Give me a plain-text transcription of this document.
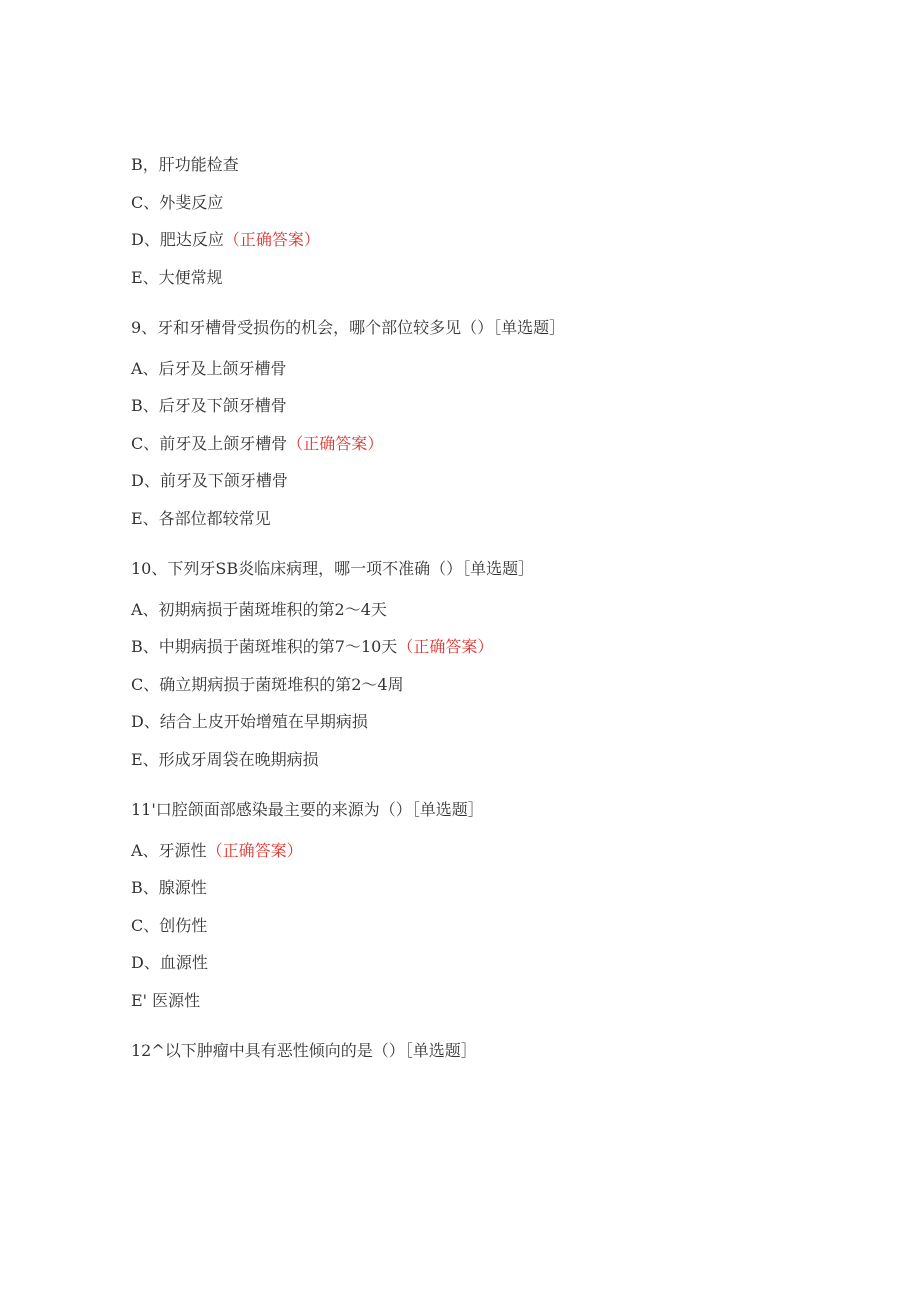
B，肝功能检查
C、外斐反应
D、肥达反应（正确答案）
E、大便常规
9、牙和牙槽骨受损伤的机会，哪个部位较多见（）［单选题］
A、后牙及上颌牙槽骨
B、后牙及下颌牙槽骨
C、前牙及上颌牙槽骨（正确答案）
D、前牙及下颌牙槽骨
E、各部位都较常见
10、下列牙SB炎临床病理，哪一项不准确（）［单选题］
A、初期病损于菌斑堆积的第2～4天
B、中期病损于菌斑堆积的第7～10天（正确答案）
C、确立期病损于菌斑堆积的第2～4周
D、结合上皮开始增殖在早期病损
E、形成牙周袋在晚期病损
11'口腔颌面部感染最主要的来源为（）［单选题］
A、牙源性（正确答案）
B、腺源性
C、创伤性
D、血源性
E' 医源性
12^以下肿瘤中具有恶性倾向的是（）［单选题］
